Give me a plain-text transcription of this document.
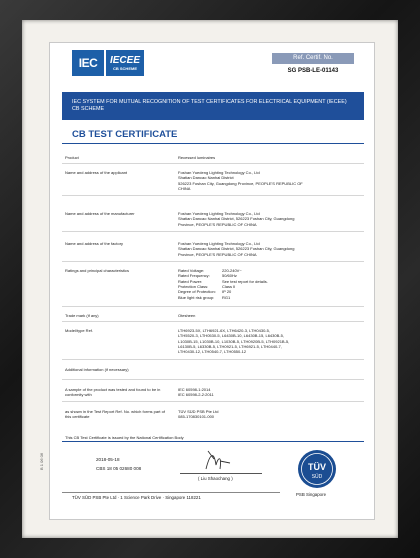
B 1 06 06
IEC	IECEE
CB SCHEME
Ref. Certif. No.
SG PSB-LE-01143
IEC SYSTEM FOR MUTUAL RECOGNITION OF TEST CERTIFICATES FOR ELECTRICAL EQUIPMENT (IECEE) CB SCHEME
CB TEST CERTIFICATE
Product	Recessed luminaires
Name and address of the applicant	Foshan Yuedeng Lighting Technology Co., Ltd
Shatian Dancao Nanhai District
526223 Foshan City, Guangdong Province, PEOPLE'S REPUBLIC OF
CHINA
Name and address of the manufacturer	Foshan Yuedeng Lighting Technology Co., Ltd
Shatian Dancao Nanhai District, 526223 Foshan City, Guangdong
Province, PEOPLE'S REPUBLIC OF CHINA
Name and address of the factory	Foshan Yuedeng Lighting Technology Co., Ltd
Shatian Dancao Nanhai District, 526223 Foshan City, Guangdong
Province, PEOPLE'S REPUBLIC OF CHINA
Ratings and principal characteristics	Rated Voltage:	220-240V~
Rated Frequency:	50/60Hz
Rated Power:	See test report for details.
Protection Class:	Class II
Degree of Protection:	IP 20
Blue light risk group:	RG1
Trade mark (if any)	Otesheen
Model/type Ref.	LTH6923-5X, LTH6921-6X, LTH6420-3, LTH0430-5,
LTH5520-3, LTH0530-5, L6430B-10, L6430B-15, L6430B-5,
L1030B-15, L1030B-10, L1030B-5, LTH0920B-5, LTH0921B-5,
L6130B-5, L6330B-5, LTH0921-5, LTH6921-5, LTH0440-7,
LTH0430-12, LTH0540-7, LTH0550-12
Additional information (if necessary)
A sample of the product was tested and found to be in conformity with
IEC 60598-1:2014
IEC 60598-2-2:2011
as shown in the Test Report Ref. No. which forms part of this certificate
TÜV SÜD PSB Pte Ltd
085-170830101-000
This CB Test Certificate is issued by the National Certification Body
2018-05-18
CBS 18 05 02680 008
( Liu Shaochang )
TÜV
SÜD
PSB Singapore
TÜV SÜD PSB Pte Ltd · 1 Science Park Drive · Singapore 118221
